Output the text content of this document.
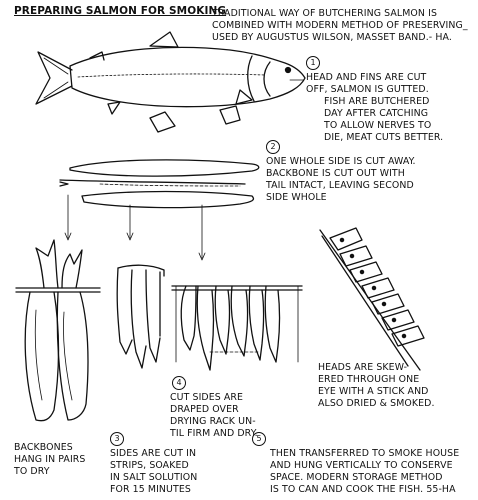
PREPARING SALMON FOR SMOKING
TRADITIONAL WAY OF BUTCHERING SALMON IS
COMBINED WITH MODERN METHOD OF PRESERVING_
USED BY AUGUSTUS WILSON, MASSET BAND.- HA.
1
HEAD AND FINS ARE CUT
OFF, SALMON IS GUTTED.
FISH ARE BUTCHERED
DAY AFTER CATCHING
TO ALLOW NERVES TO
DIE, MEAT CUTS BETTER.
2
ONE WHOLE SIDE IS CUT AWAY.
BACKBONE IS CUT OUT WITH
TAIL INTACT, LEAVING SECOND
SIDE WHOLE
HEADS ARE SKEW-
ERED THROUGH ONE
EYE WITH A STICK AND
ALSO DRIED & SMOKED.
4
CUT SIDES ARE
DRAPED OVER
DRYING RACK UN-
TIL FIRM AND DRY.
BACKBONES
HANG IN PAIRS
TO DRY
3
SIDES ARE CUT IN
STRIPS, SOAKED
IN SALT SOLUTION
FOR 15 MINUTES
5
THEN TRANSFERRED TO SMOKE HOUSE
AND HUNG VERTICALLY TO CONSERVE
SPACE. MODERN STORAGE METHOD
IS TO CAN AND COOK THE FISH. 55-HA
